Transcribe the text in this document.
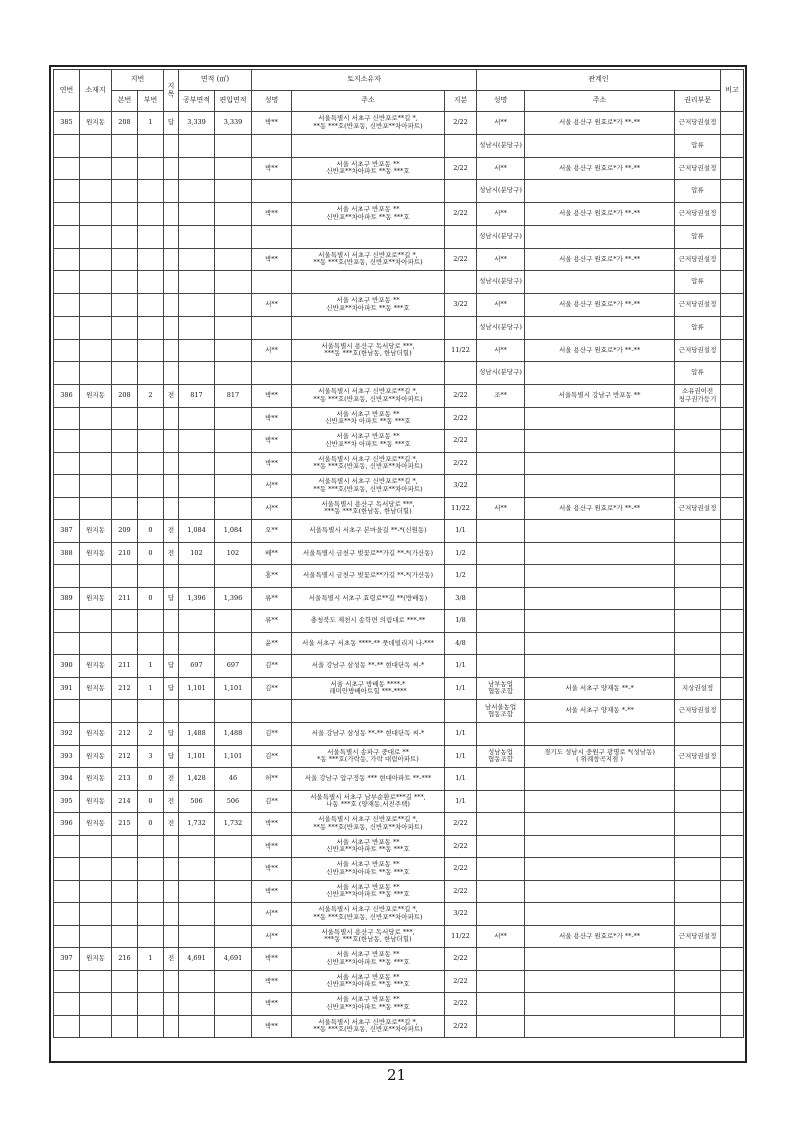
연번	소재지	지번		지목	면적 (㎡)		토지소유자			관계인			비고
		본번	부번		공부면적	편입면적	성명	주소	지분	성명	주소	권리부문	
385	원지동	208	1	답	3,339	3,339	박**	서울특별시 서초구 신반포로**길 *,
**동 ***호(반포동, 신반포**차아파트)	2/22	서**	서울 용산구 원효로*가 **-**	근저당권설정	
										성남시(분당구)		압류	
							박**	서울 서초구 반포동 **
신반포**차아파트 **동 ***호	2/22	서**	서울 용산구 원효로*가 **-**	근저당권설정	
										성남시(분당구)		압류	
							박**	서울 서초구 반포동 **
신반포**차아파트 **동 ***호	2/22	서**	서울 용산구 원효로*가 **-**	근저당권설정	
										성남시(분당구)		압류	
							박**	서울특별시 서초구 신반포로**길 *,
**동 ***호(반포동, 신반포**차아파트)	2/22	서**	서울 용산구 원효로*가 **-**	근저당권설정	
										성남시(분당구)		압류	
							서**	서울 서초구 반포동 **
신반포**차아파트 **동 ***호	3/22	서**	서울 용산구 원효로*가 **-**	근저당권설정	
										성남시(분당구)		압류	
							서**	서울특별시 용산구 독서당로 ***,
***동 ***호(한남동, 한남더힐)	11/22	서**	서울 용산구 원효로*가 **-**	근저당권설정	
										성남시(분당구)		압류	
386	원지동	208	2	전	817	817	박**	서울특별시 서초구 신반포로**길 *,
**동 ***호(반포동, 신반포**차아파트)	2/22	조**	서울특별시 강남구 반포동 **	소유권이전
청구권가등기	
							박**	서울 서초구 반포동 **
신반포**차 아파트 **동 ***호	2/22				
							박**	서울 서초구 반포동 **
신반포**차 아파트 **동 ***호	2/22				
							박**	서울특별시 서초구 신반포로**길 *,
**동 ***호(반포동, 신반포**차아파트)	2/22				
							서**	서울특별시 서초구 신반포로**길 *,
**동 ***호(반포동, 신반포**차아파트)	3/22				
							서**	서울특별시 용산구 독서당로 ***,
***동 ***호(한남동, 한남더힐)	11/22	서**	서울 용산구 원효로*가 **-**	근저당권설정	
387	원지동	209	0	전	1,084	1,084	오**	서울특별시 서초구 본마을길 **-*(신원동)	1/1				
388	원지동	210	0	전	102	102	배**	서울특별시 금천구 벚꽃로**가길 **-*(가산동)	1/2				
							홍**	서울특별시 금천구 벚꽃로**가길 **-*(가산동)	1/2				
389	원지동	211	0	답	1,396	1,396	류**	서울특별시 서초구 효령로**길 **(방배동)	3/8				
							류**	충청북도 제천시 송학면 의림대로 ***-**	1/8				
							윤**	서울 서초구 서초동 ****-** 풋데빌리지 나-***	4/8				
390	원지동	211	1	답	697	697	김**	서울 강남구 삼성동 **-** 현대단독 씨-*	1/1				
391	원지동	212	1	답	1,101	1,101	김**	서울 서초구 방배동 ****-*
래미안방배아트힐 ***-****	1/1	남부농업
협동조합	서울 서초구 양재동 **-*	지상권설정	
										남서울농업
협동조합	서울 서초구 양재동 *-**	근저당권설정	
392	원지동	212	2	답	1,488	1,488	김**	서울 강남구 삼성동 **-** 현대단독 씨-*	1/1				
393	원지동	212	3	답	1,101	1,101	김**	서울특별시 송파구 중대로 **
*동 ***호(가락동, 가락 대림아파트)	1/1	성남농업
협동조합	경기도 성남시 중원구 광명로 *(성남동)
( 위례창곡지점 )	근저당권설정	
394	원지동	213	0	전	1,428	46	허**	서울 강남구 압구정동 *** 현대아파트 **-***	1/1				
395	원지동	214	0	전	506	506	김**	서울특별시 서초구 남부순환로***길 ***,
나동 ***호 (양재동,서진주택)	1/1				
396	원지동	215	0	전	1,732	1,732	박**	서울특별시 서초구 신반포로**길 *,
**동 ***호(반포동, 신반포**차아파트)	2/22				
							박**	서울 서초구 반포동 **
신반포**차아파트 **동 ***호	2/22				
							박**	서울 서초구 반포동 **
신반포**차아파트 **동 ***호	2/22				
							박**	서울 서초구 반포동 **
신반포**차아파트 **동 ***호	2/22				
							서**	서울특별시 서초구 신반포로**길 *,
**동 ***호(반포동, 신반포**차아파트)	3/22				
							서**	서울특별시 용산구 독서당로 ***,
***동 ***호(한남동, 한남더힐)	11/22	서**	서울 용산구 원효로*가 **-**	근저당권설정	
397	원지동	216	1	전	4,691	4,691	박**	서울 서초구 반포동 **
신반포**차아파트 **동 ***호	2/22				
							박**	서울 서초구 반포동 **
신반포**차아파트 **동 ***호	2/22				
							박**	서울 서초구 반포동 **
신반포**차아파트 **동 ***호	2/22				
							박**	서울특별시 서초구 신반포로**길 *,
**동 ***호(반포동, 신반포**차아파트)	2/22				
21
